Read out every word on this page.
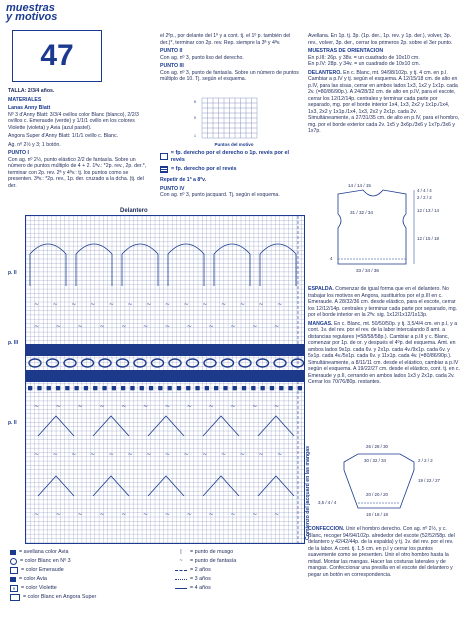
muestras
y motivos
47

TALLA: 2/3/4 años.

MATERIALES

Lanas Anny Blatt

Nº 3 d'Anny Blatt: 3/3/4 ovillos color Blanc (blanco), 2/2/3 ovillos c. Emeraude (verde) y 1/1/1 ovillo en los colores Violette (violeta) y Avia (azul pastel).

Angora Super d'Anny Blatt: 1/1/1 ovillo c. Blanc.

Ag. nº 2½ y 3; 1 botón.

PUNTO I

Con ag. nº 2½, punto elástico 2/2 de fantasía. Sobre un número de puntos múltiplo de 4 + 2. 1ªv.: *2p. rev., 2p. der.*, terminar con 2p. rev. 2ª y 4ªv.: tj. los puntos como se presenten. 3ªv.: *2p. rev., 1p. der. cruzado a la dcha. (tj. del der.

el 2ºp., por delante del 1º y a cont. tj. el 1º p. también del der.)*, terminar con 2p. rev. Rep. siempre la 3ª y 4ªv.

PUNTO II

Con ag. nº 3, punto liso del derecho.

PUNTO III

Con ag. nº 3, punto de fantasía. Sobre un número de puntos múltiplo de 10. Tj. según el esquema.

8
5
1
Puntos del motivo
= fp. derecho por el derecho o 1p. revés por el revés
= fp. derecho por el revés

Repetir de 1ª a 8ªv.

PUNTO IV

Con ag. nº 3, punto jacquard. Tj. según el esquema.

Avellana. En 1p. tj. 3p. (1p. der., 1p. rev. y 1p. der.), volver, 3p. rev., volver, 3p. der., cerrar los primeros 2p. sobre el 3er punto.

MUESTRAS DE ORIENTACION

En p.III: 26p. y 38v. = un cuadrado de 10x10 cm.

En p.IV: 28p. y 34v. = un cuadrado de 10x10 cm.

DELANTERO. En c. Blanc, mt. 94/98/102p. y tj. 4 cm. en p.I. Cambiar a p.IV y tj. según el esquema. A 12/15/18 cm. de alto en p.IV, para las sisas, cerrar en ambos lados 1x3, 1x2 y 1x1p. cada 2v. (=80/86/90p.). A 24/28/32 cm. de alto en p.IV, para el escote, cerrar los 12/12/14p. centrales y terminar cada parte por separado, mg. por el borde interior 1x4, 1x3, 2x2 y 1x1p./1x4, 1x3, 2x2 y 1x1p./1x4, 1x3, 2x2 y 2x1p. cada 2v. Simultáneamente, a 27/31/35 cm. de alto en p.IV, para el hombro, mg. por el borde exterior cada 2v. 1x5 y 3x6p./3x6 y 1x7p./3x6 y 1x7p.

14 / 14 / 15
31 / 32 / 34
4 / 4 / 4
2 / 2 / 2
12 / 13 / 14
12 / 15 / 18
4
33 / 34 / 36

ESPALDA. Comenzar de igual forma que en el delantero. No trabajar los motivos en Angora, sustituirlos por el p.III en c. Emeraude. A 28/32/36 cm. desde elástico, para el escote, cerrar los 12/12/14p. centrales y terminar cada parte por separado, mg. por el borde interior en la 2ªv. sig. 1x12/1x12/1x13p.

MANGAS. En c. Blanc, mt. 50/50/50p. y tj. 3,5/4/4 cm. en p.I, y a cont. 1v. del rev. por el rev. de la labor intercalando 8 amt. a distancias regulares (=58/58/58p.). Cambiar a p.III y c. Blanc, comenzar por 1p. de or. y después el 4ºp. del esquema. Amt. en ambos lados 9x1p. cada 6v. y 2x1p. cada 4v./9x1p. cada 6v. y 5x1p. cada 4v./5x1p. cada 6v. y 11x1p. cada 4v. (=80/86/90p.). Simultáneamente, a 8/11/11 cm. desde el elástico, cambiar a p.IV según el esquema. A 19/22/27 cm. desde el elástico, cont. tj. en c. Emeraude y p.II, cerrando en ambos lados 1x3 y 2x1p. cada 2v. Cerrar los 70/76/80p. restantes.

26 / 28 / 30
30 / 32 / 34	2 / 2 / 2
19 / 22 / 27
20 / 20 / 20
3,5 / 4 / 4
18 / 18 / 18

CONFECCION. Unir el hombro derecho. Con ag. nº 2½, y c. Blanc, recoger 94/94/102p. alrededor del escote (52/52/58p. del delantero y 42/42/44p. de la espalda) y tj. 1v. del rev. por el rev. de la labor. A cont. tj. 1,5 cm. en p.I y cerrar los puntos suavemente como se presenten. Unir el otro hombro hasta la mitad. Montar las mangas. Hacer las costuras laterales y de mangas. Confeccionar una presilla en el escote del delantero y pegar un botón en correspondencia.

Delantero
~ ~ ~ ~ ~ ~ ~ ~ ~ ~ ~ ~ ~ ~
~	~	~	~	~	~	~	~	~	~	~	~
~	~	~	~	~	~	~	~	~	~	~	~
~ ~ ~ ~ ~ ~ ~ ~ ~ ~ ~ ~ ~ ~
~	~	~	~	~	~	~	~	~	~	~	~
p. II
p. III
p. II
Comienzo del jacquard en las mangas
= avellana color Avia
= color Blanc en Nº 3
= color Emeraude
= color Avia
✕ = color Violette
= color Blanc en Angora Super
|	= punto de musgo
~	= punto de fantasía
= 2 años
= 3 años
= 4 años
